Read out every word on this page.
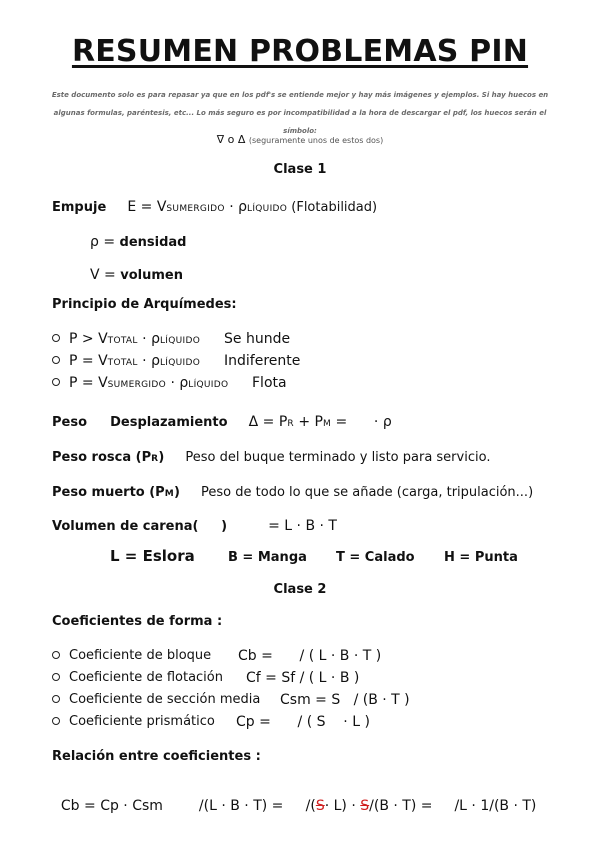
RESUMEN PROBLEMAS PIN
Este documento solo es para repasar ya que en los pdf's se entiende mejor y hay más imágenes y ejemplos. Si hay huecos en algunas formulas, paréntesis, etc... Lo más seguro es por incompatibilidad a la hora de descargar el pdf, los huecos serán el símbolo:
∇ o Δ (seguramente unos de estos dos)
Clase 1
Empuje E = VSUMERGIDO · ρLÍQUIDO (Flotabilidad)
ρ = densidad
V = volumen
Principio de Arquímedes:
P > VTOTAL · ρLÍQUIDO Se hunde
P = VTOTAL · ρLÍQUIDO Indiferente
P = VSUMERGIDO · ρLÍQUIDO Flota
Peso Desplazamiento Δ = PR + PM =      · ρ
Peso rosca (PR) Peso del buque terminado y listo para servicio.
Peso muerto (PM) Peso de todo lo que se añade (carga, tripulación...)
Volumen de carena(     )	= L · B · T
L = Eslora	B = Manga T = Calado H = Punta
Clase 2
Coeficientes de forma :
Coeficiente de bloque Cb =      / ( L · B · T )
Coeficiente de flotación Cf = Sf / ( L · B )
Coeficiente de sección media Csm = S   / (B · T )
Coeficiente prismático Cp =      / ( S    · L )
Relación entre coeficientes :

Cb = Cp · Csm	/(L · B · T) =     /(S· L) · S/(B · T) = /L · 1/(B · T)
